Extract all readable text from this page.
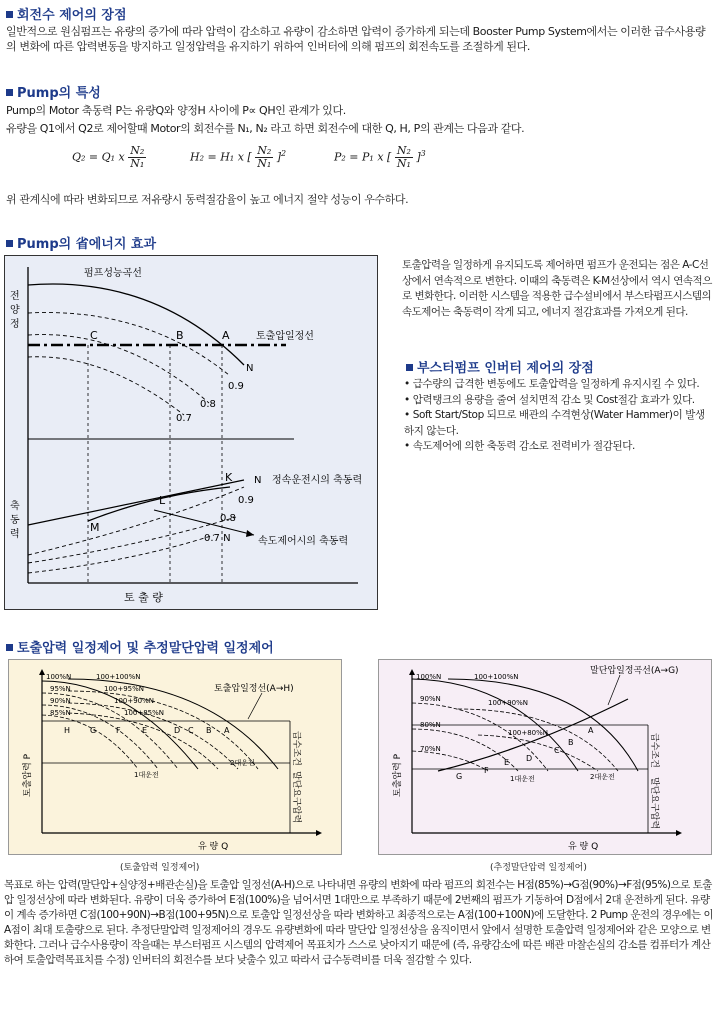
회전수 제어의 장점
일반적으로 원심펌프는 유량의 증가에 따라 압력이 감소하고 유량이 감소하면 압력이 증가하게 되는데 Booster Pump System에서는 이러한 급수사용량의 변화에 따른 압력변동을 방지하고 일정압력을 유지하기 위하여 인버터에 의해 펌프의 회전속도를 조절하게 된다.
Pump의 특성
Pump의 Motor 축동력 P는 유량Q와 양정H 사이에 P∝ QH인 관계가 있다.
유량을 Q1에서 Q2로 제어할때 Motor의 회전수를 N₁, N₂ 라고 하면 회전수에 대한 Q, H, P의 관계는 다음과 같다.
Q₂ = Q₁ x $\frac{\text{N₂}}{\text{N₁}}$	H₂ = H₁ x [ $\frac{\text{N₂}}{\text{N₁}} ]^2$	P₂ = P₁ x [ $\frac{\text{N₂}}{\text{N₁}} ]^3$
위 관계식에 따라 변화되므로 저유량시 동력절감율이 높고 에너지 절약 성능이 우수하다.
Pump의 省에너지 효과
펌프성능곡선
전
양
정
축
동
력
C	B	A
N
토출압일정선
0.9
0.8
0.7
K N 정속운전시의 축동력
0.9
L
0.8
M
0.7 N	속도제어시의 축동력
토 출 량
토출압력을 일정하게 유지되도록 제어하면 펌프가 운전되는 점은 A-C선상에서 연속적으로 변한다. 이때의 축동력은 K-M선상에서 역시 연속적으로 변화한다. 이러한 시스템을 적용한 급수설비에서 부스타펌프시스템의 속도제어는 축동력이 작게 되고, 에너지 절감효과를 가져오게 된다.
부스터펌프 인버터 제어의 장점
• 급수량의 급격한 변동에도 토출압력을 일정하게 유지시킬 수 있다.
• 압력탱크의 용량을 줄여 설치면적 감소 및 Cost절감 효과가 있다.
• Soft Start/Stop 되므로 배관의 수격현상(Water Hammer)이 발생하지 않는다.
• 속도제어에 의한 축동력 감소로 전력비가 절감된다.
토출압력 일정제어 및 추정말단압력 일정제어
100%N	100+100%N
95%N	100+95%N
90%N	100+90%N
85%N	100+85%N
토출압일정선(A→H)
H G F	E	D C B A
1대운전
2대운전	급수조건
말단요구압력
토출압력 P
유 량 Q
100%N	100+100%N
90%N	100+90%N
80%N
100+80%N
70%N
말단압일정곡선(A→G)
A
B
C
D
E
F
G	1대운전	2대운전
급수조건
말단요구압력
토출압력 P
유 량 Q
(토출압력 일정제어)	(추정말단압력 일정제어)
목표로 하는 압력(말단압+실양정+배관손실)을 토출압 일정선(A-H)으로 나타내면 유량의 변화에 따라 펌프의 회전수는 H점(85%)→G점(90%)→F점(95%)으로 토출압 일정선상에 따라 변화된다. 유량이 더욱 증가하여 E점(100%)을 넘어서면 1대만으로 부족하기 때문에 2번째의 펌프가 기동하여 D점에서 2대 운전하게 된다. 유량이 계속 증가하면 C점(100+90N)→B점(100+95N)으로 토출압 일정선상을 따라 변화하고 최종적으로는 A점(100+100N)에 도달한다. 2 Pump 운전의 경우에는 이 A점이 최대 토출량으로 된다. 추정단말압력 일정제어의 경우도 유량변화에 따라 말단압 일정선상을 움직이면서 앞에서 설명한 토출압력 일정제어와 같은 모양으로 변화한다. 그러나 급수사용량이 작을때는 부스터펌프 시스템의 압력제어 목표치가 스스로 낮아지기 때문에 (즉, 유량감소에 따른 배관 마찰손실의 감소를 컴퓨터가 계산하여 토출압력목표치를 수정) 인버터의 회전수를 보다 낮출수 있고 따라서 급수동력비를 더욱 절감할 수 있다.
